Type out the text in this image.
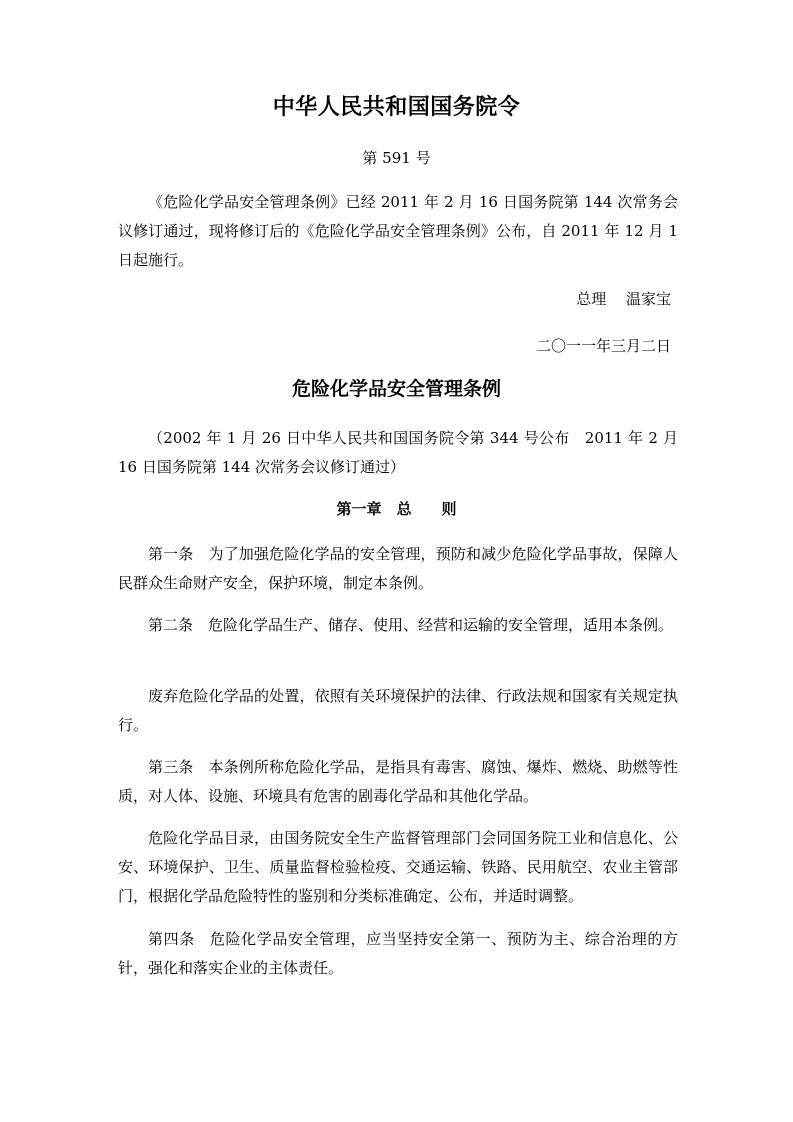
中华人民共和国国务院令
第 591 号

《危险化学品安全管理条例》已经 2011 年 2 月 16 日国务院第 144 次常务会议修订通过，现将修订后的《危险化学品安全管理条例》公布，自 2011 年 12 月 1 日起施行。

总理　 温家宝
二〇一一年三月二日
危险化学品安全管理条例

（2002 年 1 月 26 日中华人民共和国国务院令第 344 号公布　2011 年 2 月 16 日国务院第 144 次常务会议修订通过）

第一章　总　　则

第一条 为了加强危险化学品的安全管理，预防和减少危险化学品事故，保障人民群众生命财产安全，保护环境，制定本条例。

第二条 危险化学品生产、储存、使用、经营和运输的安全管理，适用本条例。

废弃危险化学品的处置，依照有关环境保护的法律、行政法规和国家有关规定执行。

第三条 本条例所称危险化学品，是指具有毒害、腐蚀、爆炸、燃烧、助燃等性质，对人体、设施、环境具有危害的剧毒化学品和其他化学品。

危险化学品目录，由国务院安全生产监督管理部门会同国务院工业和信息化、公安、环境保护、卫生、质量监督检验检疫、交通运输、铁路、民用航空、农业主管部门，根据化学品危险特性的鉴别和分类标准确定、公布，并适时调整。

第四条 危险化学品安全管理，应当坚持安全第一、预防为主、综合治理的方针，强化和落实企业的主体责任。
